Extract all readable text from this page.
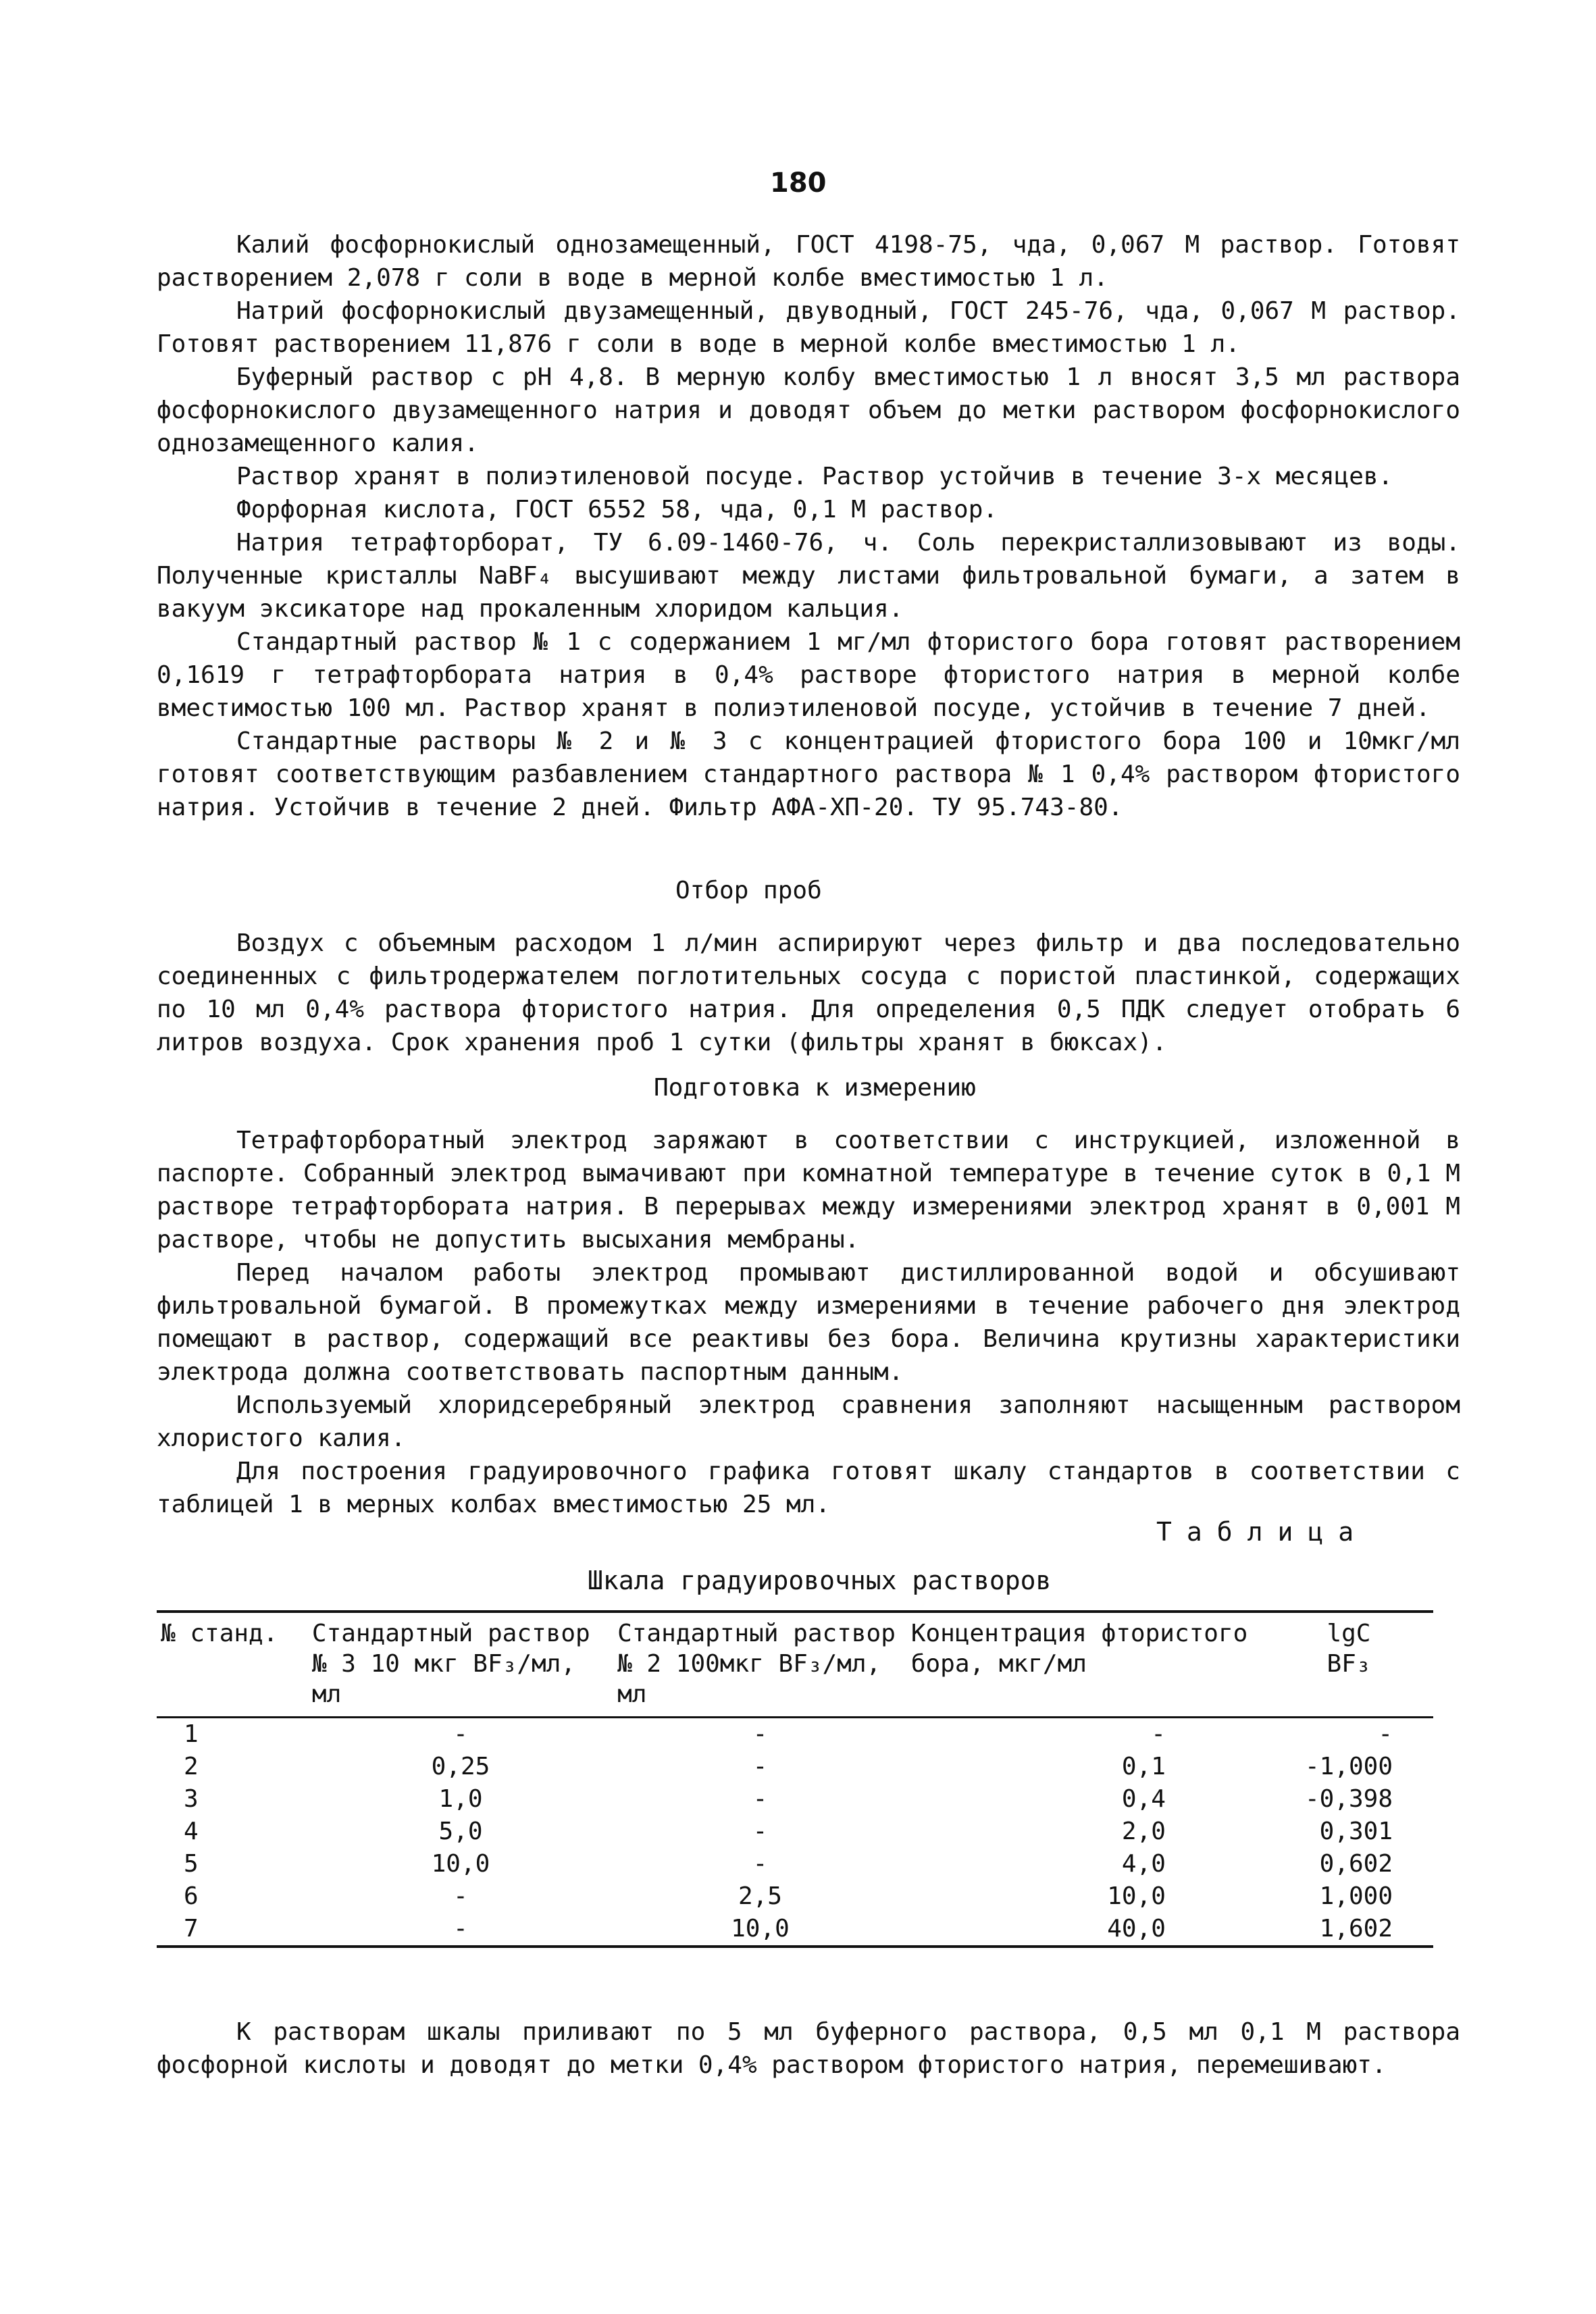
180

Калий фосфорнокислый однозамещенный, ГОСТ 4198-75, чда, 0,067 М раствор. Готовят растворением 2,078 г соли в воде в мерной колбе вместимостью 1 л.

Натрий фосфорнокислый двузамещенный, двуводный, ГОСТ 245-76, чда, 0,067 М раствор. Готовят растворением 11,876 г соли в воде в мерной колбе вместимостью 1 л.

Буферный раствор с рН 4,8. В мерную колбу вместимостью 1 л вносят 3,5 мл раствора фосфорнокислого двузамещенного натрия и доводят объем до метки раствором фосфорнокислого однозамещенного калия.

Раствор хранят в полиэтиленовой посуде. Раствор устойчив в течение 3-х месяцев.

Форфорная кислота, ГОСТ 6552 58, чда, 0,1 М раствор.

Натрия тетрафторборат, ТУ 6.09-1460-76, ч. Соль перекристаллизовывают из воды. Полученные кристаллы NaBF₄ высушивают между листами фильтровальной бумаги, а затем в вакуум эксикаторе над прокаленным хлоридом кальция.

Стандартный раствор № 1 с содержанием 1 мг/мл фтористого бора готовят растворением 0,1619 г тетрафторбората натрия в 0,4% растворе фтористого натрия в мерной колбе вместимостью 100 мл. Раствор хранят в полиэтиленовой посуде, устойчив в течение 7 дней.

Стандартные растворы № 2 и № 3 с концентрацией фтористого бора 100 и 10мкг/мл готовят соответствующим разбавлением стандартного раствора № 1 0,4% раствором фтористого натрия. Устойчив в течение 2 дней. Фильтр АФА-ХП-20. ТУ 95.743-80.

Отбор проб

Воздух с объемным расходом 1 л/мин аспирируют через фильтр и два последовательно соединенных с фильтродержателем поглотительных сосуда с пористой пластинкой, содержащих по 10 мл 0,4% раствора фтористого натрия. Для определения 0,5 ПДК следует отобрать 6 литров воздуха. Срок хранения проб 1 сутки (фильтры хранят в бюксах).

Подготовка к измерению

Тетрафторборатный электрод заряжают в соответствии с инструкцией, изложенной в паспорте. Собранный электрод вымачивают при комнатной температуре в течение суток в 0,1 М растворе тетрафторбората натрия. В перерывах между измерениями электрод хранят в 0,001 М растворе, чтобы не допустить высыхания мембраны.

Перед началом работы электрод промывают дистиллированной водой и обсушивают фильтровальной бумагой. В промежутках между измерениями в течение рабочего дня электрод помещают в раствор, содержащий все реактивы без бора. Величина крутизны характеристики электрода должна соответствовать паспортным данным.

Используемый хлоридсеребряный электрод сравнения заполняют насыщенным раствором хлористого калия.

Для построения градуировочного графика готовят шкалу стандартов в соответствии с таблицей 1 в мерных колбах вместимостью 25 мл.

Таблица
Шкала градуировочных растворов
№ станд.	Стандартный раствор № 3 10 мкг BF₃/мл, мл	Стандартный раствор № 2 100мкг BF₃/мл, мл	Концентрация фтористого бора, мкг/мл	lgC BF₃
1	-	-	-	-
2	0,25	-	0,1	-1,000
3	1,0	-	0,4	-0,398
4	5,0	-	2,0	0,301
5	10,0	-	4,0	0,602
6	-	2,5	10,0	1,000
7	-	10,0	40,0	1,602

К растворам шкалы приливают по 5 мл буферного раствора, 0,5 мл 0,1 М раствора фосфорной кислоты и доводят до метки 0,4% раствором фтористого натрия, перемешивают.
